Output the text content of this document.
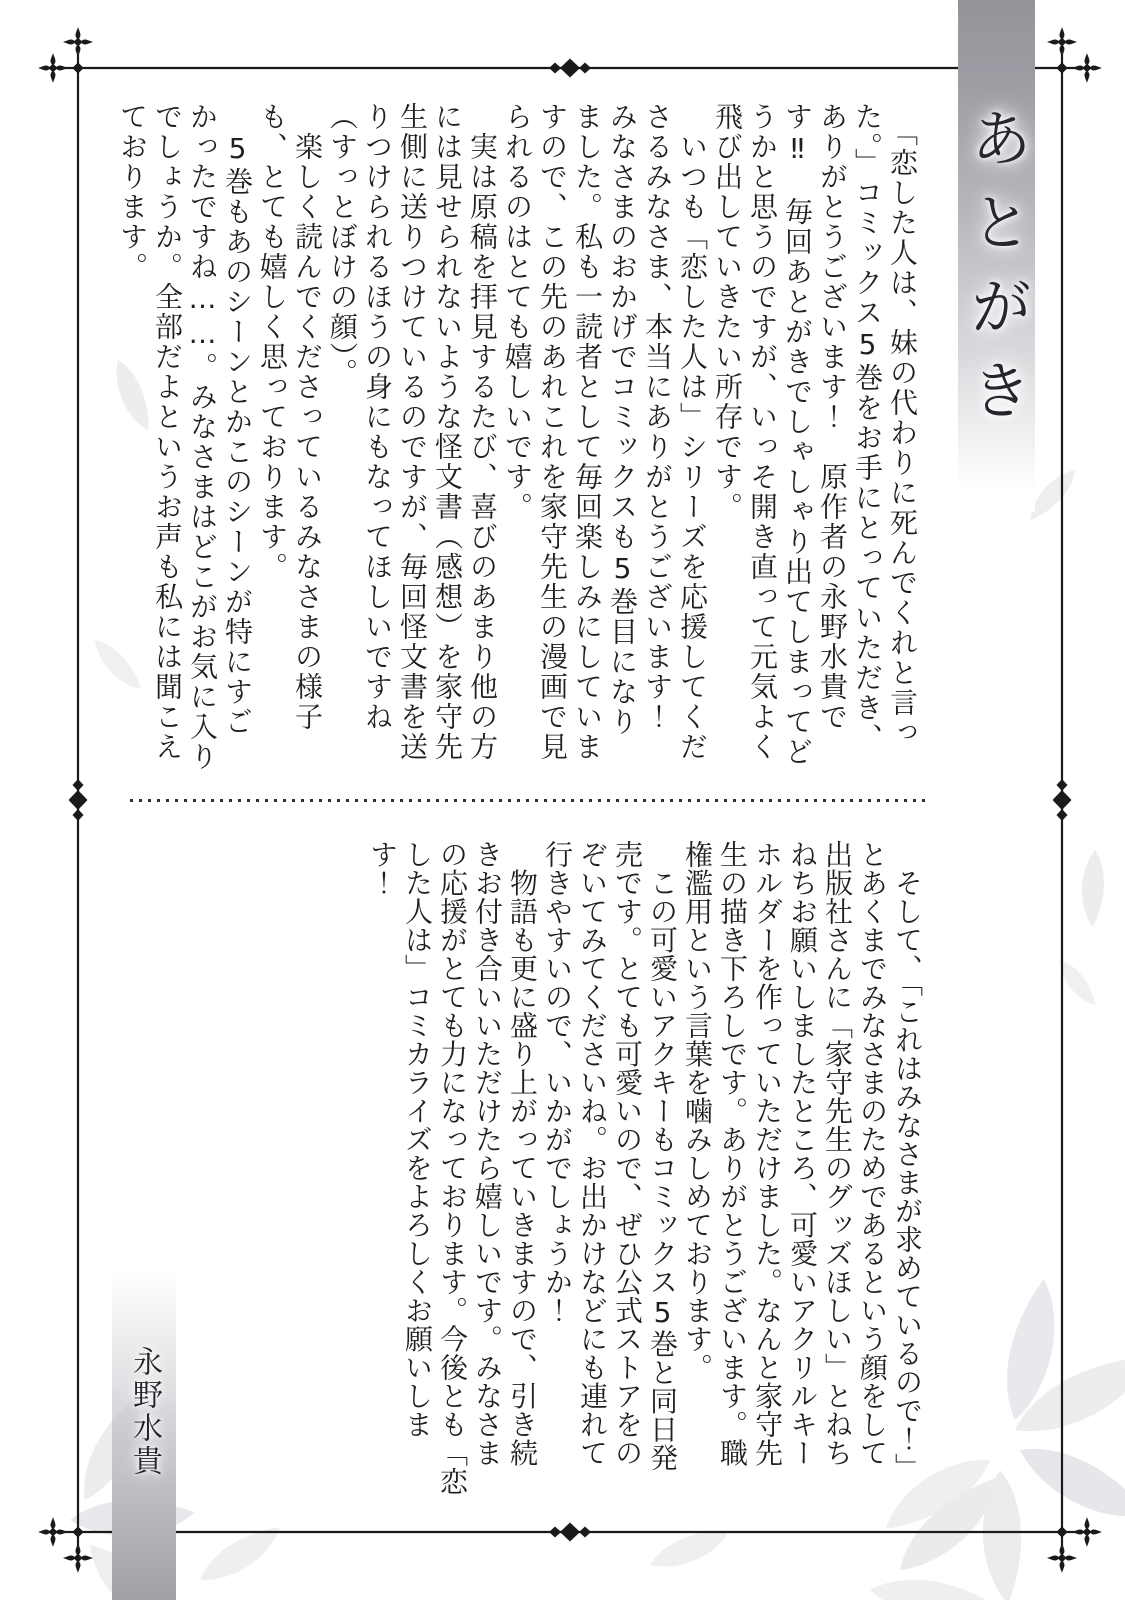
あとがき

　「恋した人は、妹の代わりに死んでくれと言っ

た。」コミックス5巻をお手にとっていただき、

ありがとうございます！　原作者の永野水貴で

す‼　毎回あとがきでしゃしゃり出てしまってど

うかと思うのですが、いっそ開き直って元気よく

飛び出していきたい所存です。

　いつも「恋した人は」シリーズを応援してくだ

さるみなさま、本当にありがとうございます！

みなさまのおかげでコミックスも5巻目になり

ました。私も一読者として毎回楽しみにしていま

すので、この先のあれこれを家守先生の漫画で見

られるのはとても嬉しいです。

　実は原稿を拝見するたび、喜びのあまり他の方

には見せられないような怪文書（感想）を家守先

生側に送りつけているのですが、毎回怪文書を送

りつけられるほうの身にもなってほしいですね

（すっとぼけの顔）。

　楽しく読んでくださっているみなさまの様子

も、とても嬉しく思っております。

　5巻もあのシーンとかこのシーンが特にすご

かったですね……。みなさまはどこがお気に入り

でしょうか。全部だよというお声も私には聞こえ

ております。

　そして、「これはみなさまが求めているので！」

とあくまでみなさまのためであるという顔をして

出版社さんに「家守先生のグッズほしい」とねち

ねちお願いしましたところ、可愛いアクリルキー

ホルダーを作っていただけました。なんと家守先

生の描き下ろしです。ありがとうございます。職

権濫用という言葉を噛みしめております。

　この可愛いアクキーもコミックス5巻と同日発

売です。とても可愛いので、ぜひ公式ストアをの

ぞいてみてくださいね。お出かけなどにも連れて

行きやすいので、いかがでしょうか！

　物語も更に盛り上がっていきますので、引き続

きお付き合いいただけたら嬉しいです。みなさま

の応援がとても力になっております。今後とも「恋

した人は」コミカライズをよろしくお願いしま

す！

永野水貴
